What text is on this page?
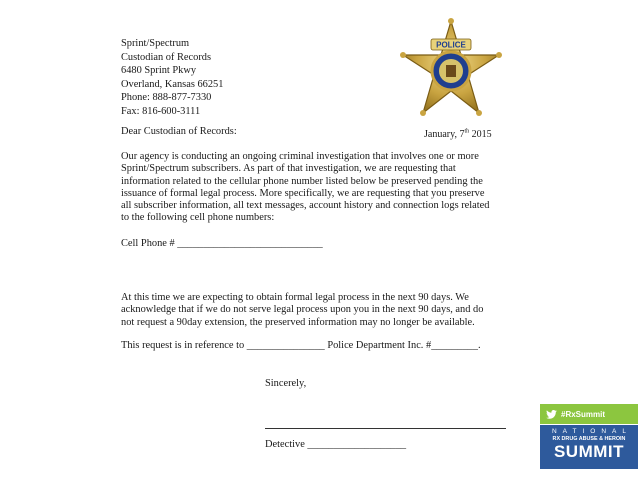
Sprint/Spectrum
Custodian of Records
6480 Sprint Pkwy
Overland, Kansas 66251
Phone: 888-877-7330
Fax: 816-600-3111
POLICE
Dear Custodian of Records:	January, 7th 2015
Our agency is conducting an ongoing criminal investigation that involves one or more
Sprint/Spectrum subscribers. As part of that investigation, we are requesting that
information related to the cellular phone number listed below be preserved pending the
issuance of formal legal process. More specifically, we are requesting that you preserve
all subscriber information, all text messages, account history and connection logs related
to the following cell phone numbers:
Cell Phone # ____________________________
At this time we are expecting to obtain formal legal process in the next 90 days. We
acknowledge that if we do not serve legal process upon you in the next 90 days, and do
not request a 90day extension, the preserved information may no longer be available.
This request is in reference to _______________ Police Department Inc. #_________.
Sincerely,
Detective ___________________
#RxSummit
NATIONAL
RX DRUG ABUSE & HEROIN
SUMMIT
